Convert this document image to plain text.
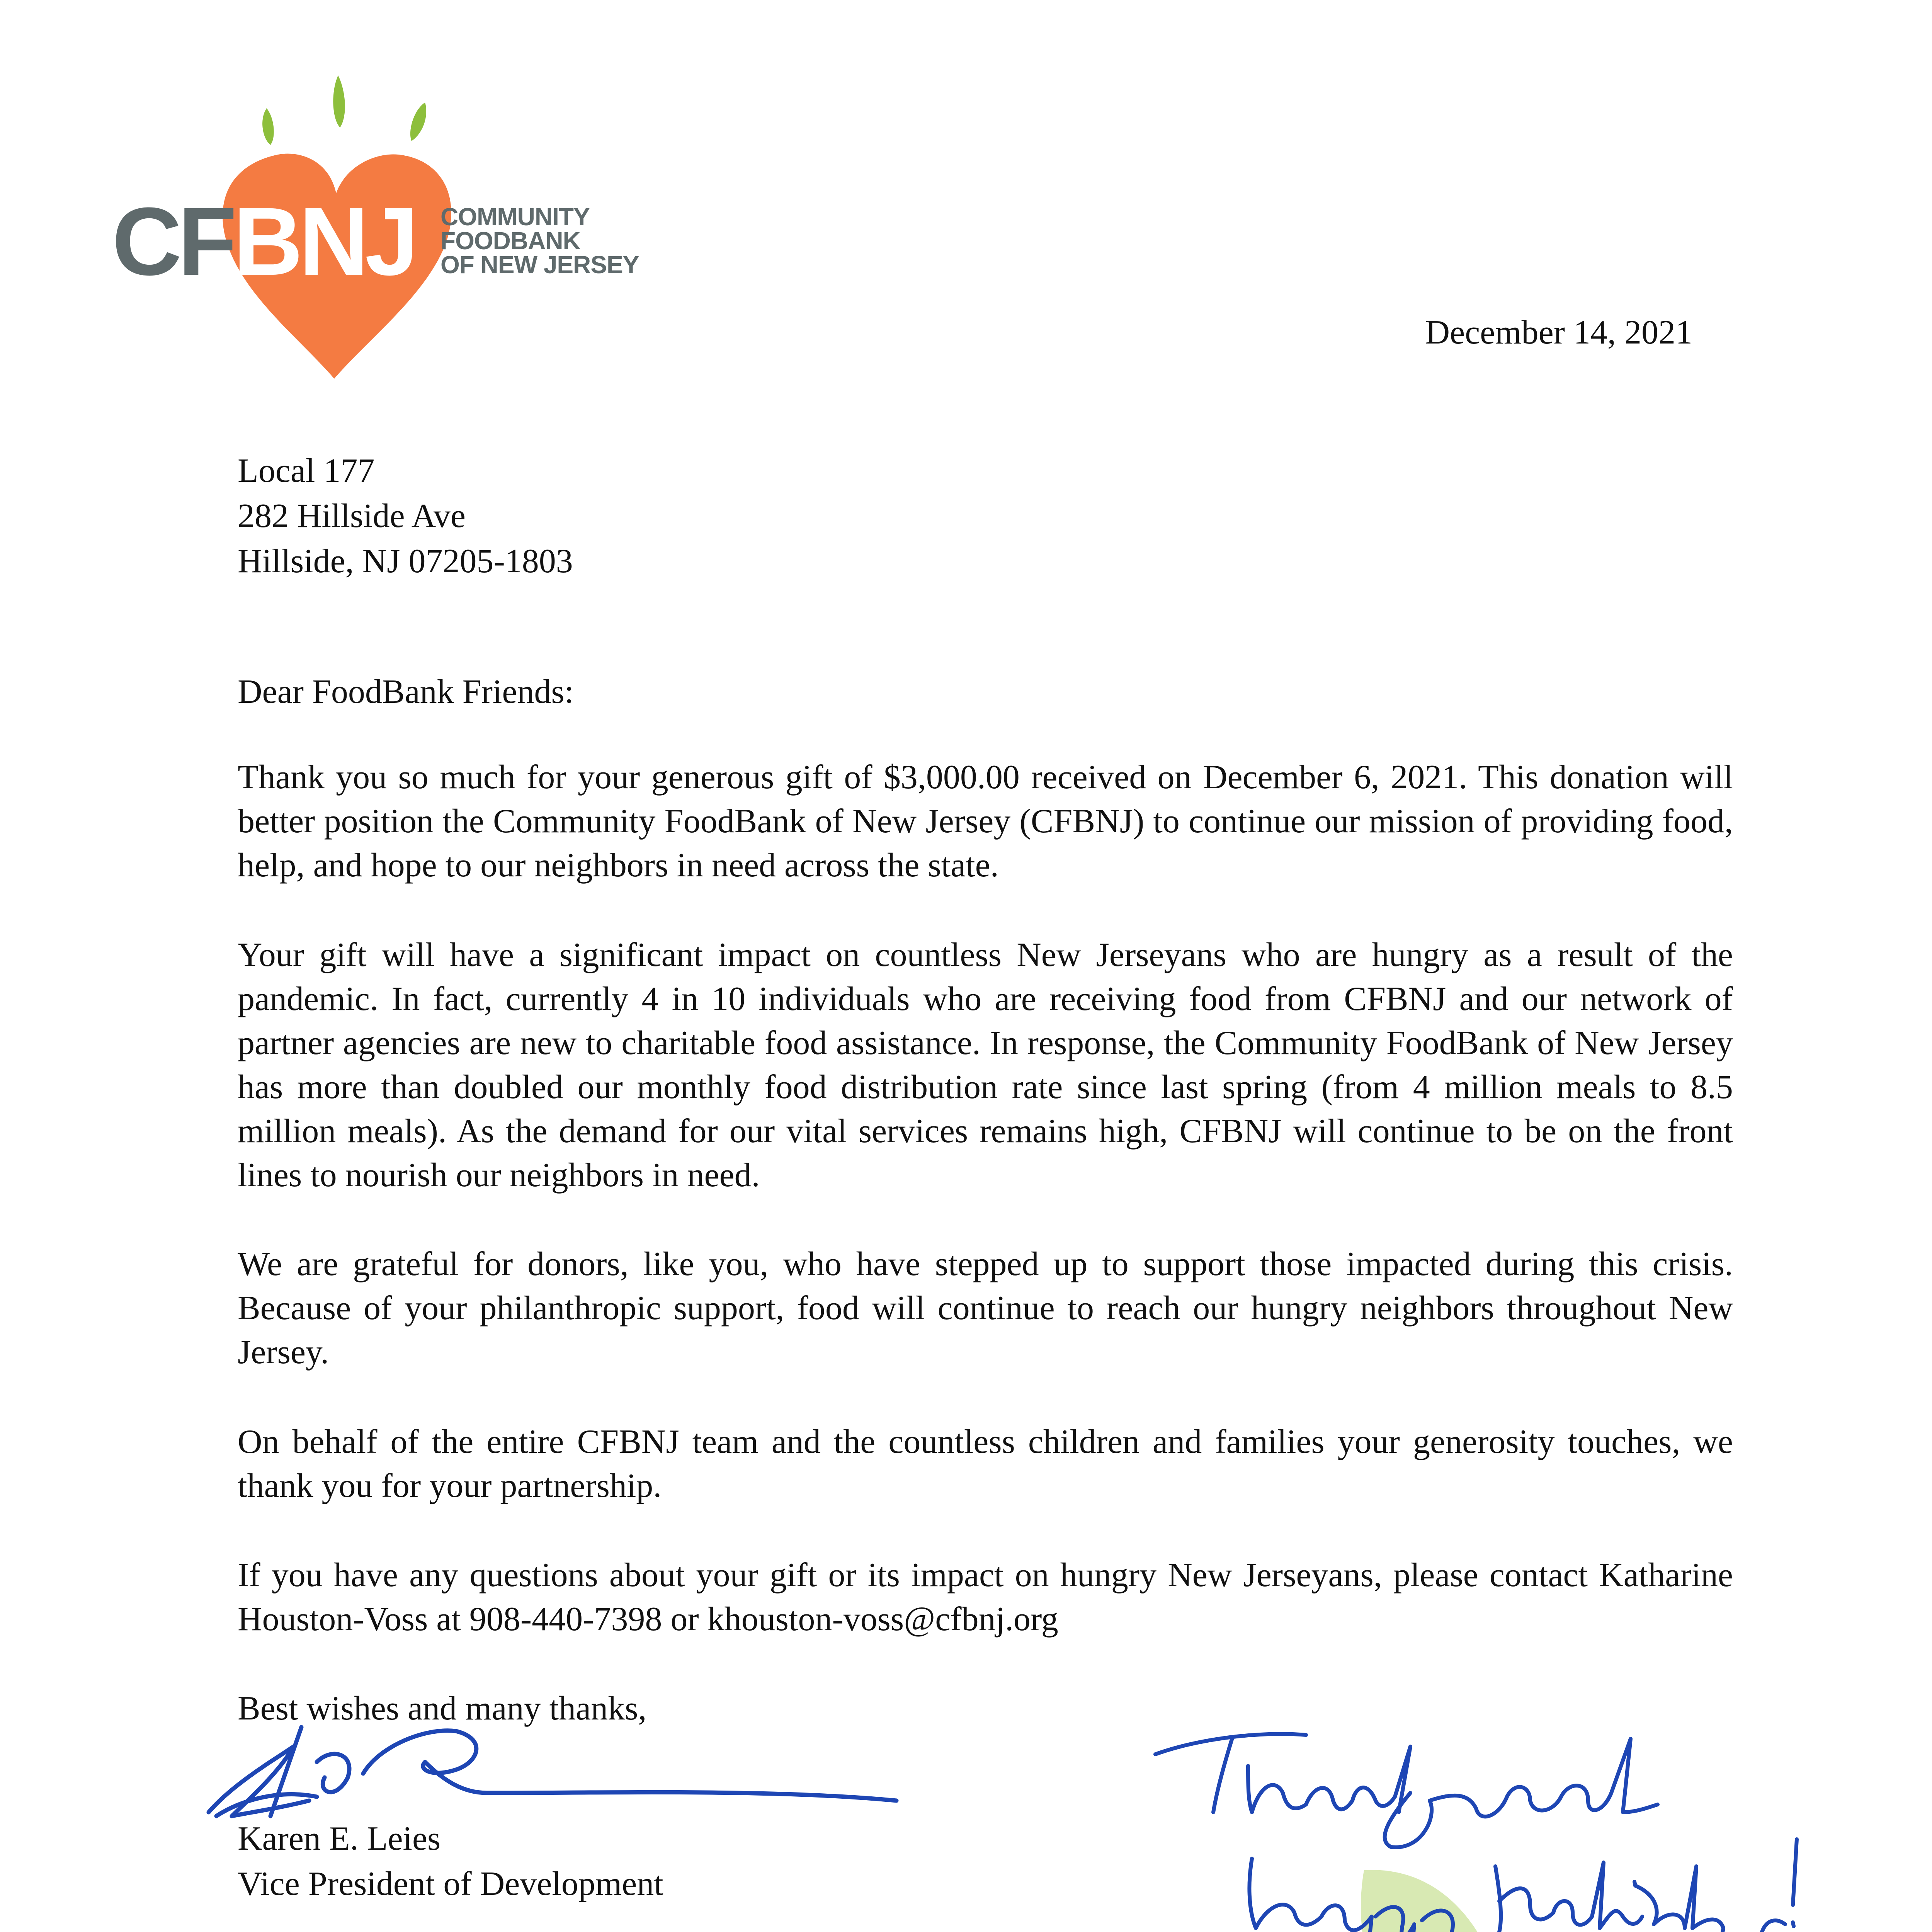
CFBNJ COMMUNITY
FOODBANK
OF NEW JERSEY
December 14, 2021
Local 177
282 Hillside Ave
Hillside, NJ 07205-1803
Dear FoodBank Friends:

Thank you so much for your generous gift of $3,000.00 received on December 6, 2021. This donation will better position the Community FoodBank of New Jersey (CFBNJ) to continue our mission of providing food, help, and hope to our neighbors in need across the state.

Your gift will have a significant impact on countless New Jerseyans who are hungry as a result of the pandemic. In fact, currently 4 in 10 individuals who are receiving food from CFBNJ and our network of partner agencies are new to charitable food assistance. In response, the Community FoodBank of New Jersey has more than doubled our monthly food distribution rate since last spring (from 4 million meals to 8.5 million meals). As the demand for our vital services remains high, CFBNJ will continue to be on the front lines to nourish our neighbors in need.

We are grateful for donors, like you, who have stepped up to support those impacted during this crisis. Because of your philanthropic support, food will continue to reach our hungry neighbors throughout New Jersey.

On behalf of the entire CFBNJ team and the countless children and families your generosity touches, we thank you for your partnership.

If you have any questions about your gift or its impact on hungry New Jerseyans, please contact Katharine Houston-Voss at 908-440-7398 or khouston-voss@cfbnj.org

Best wishes and many thanks,

Karen E. Leies
Vice President of Development
